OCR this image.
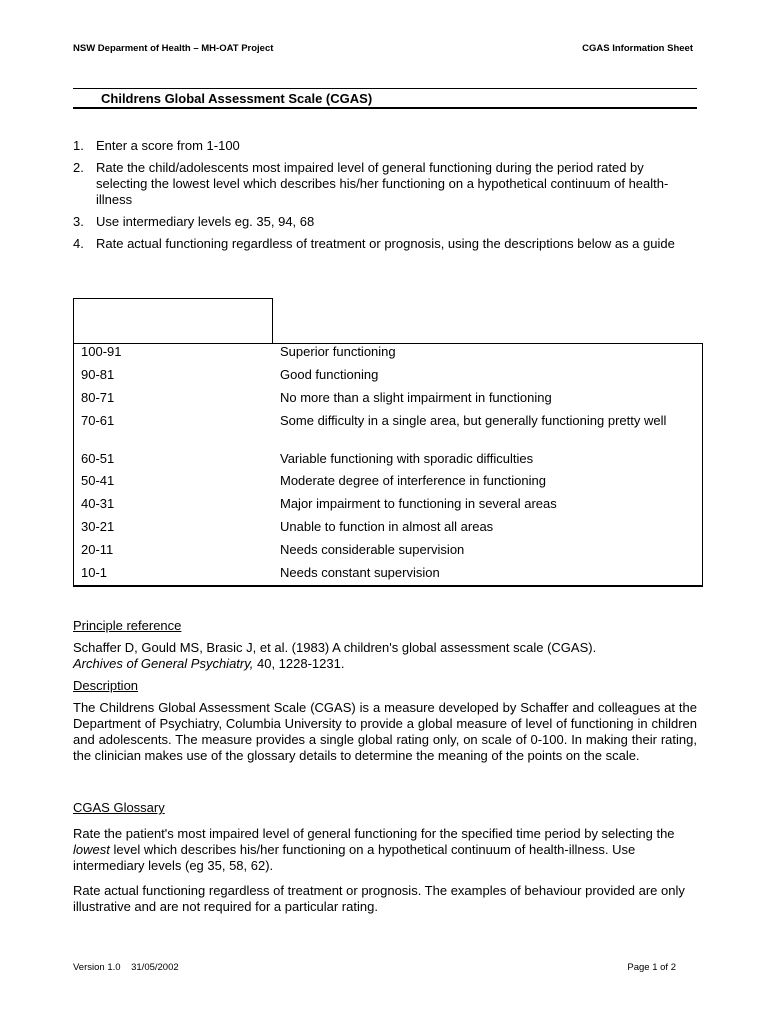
NSW Deparment of Health – MH-OAT Project	CGAS Information Sheet
Childrens Global Assessment Scale (CGAS)
1. Enter a score from 1-100
2. Rate the child/adolescents most impaired level of general functioning during the period rated by selecting the lowest level which describes his/her functioning on a hypothetical continuum of health-illness
3. Use intermediary levels eg. 35, 94, 68
4. Rate actual functioning regardless of treatment or prognosis, using the descriptions below as a guide
100-91	Superior functioning
90-81	Good functioning
80-71	No more than a slight impairment in functioning
70-61	Some difficulty in a single area, but generally functioning pretty well
60-51	Variable functioning with sporadic difficulties
50-41	Moderate degree of interference in functioning
40-31	Major impairment to functioning in several areas
30-21	Unable to function in almost all areas
20-11	Needs considerable supervision
10-1	Needs constant supervision
Principle reference
Schaffer D, Gould MS, Brasic J, et al. (1983) A children's global assessment scale (CGAS).
Archives of General Psychiatry, 40, 1228-1231.
Description
The Childrens Global Assessment Scale (CGAS) is a measure developed by Schaffer and colleagues at the Department of Psychiatry, Columbia University to provide a global measure of level of functioning in children and adolescents. The measure provides a single global rating only, on scale of 0-100. In making their rating, the clinician makes use of the glossary details to determine the meaning of the points on the scale.
CGAS Glossary
Rate the patient's most impaired level of general functioning for the specified time period by selecting the lowest level which describes his/her functioning on a hypothetical continuum of health-illness. Use intermediary levels (eg 35, 58, 62).
Rate actual functioning regardless of treatment or prognosis. The examples of behaviour provided are only illustrative and are not required for a particular rating.
Version 1.0 31/05/2002	Page 1 of 2
